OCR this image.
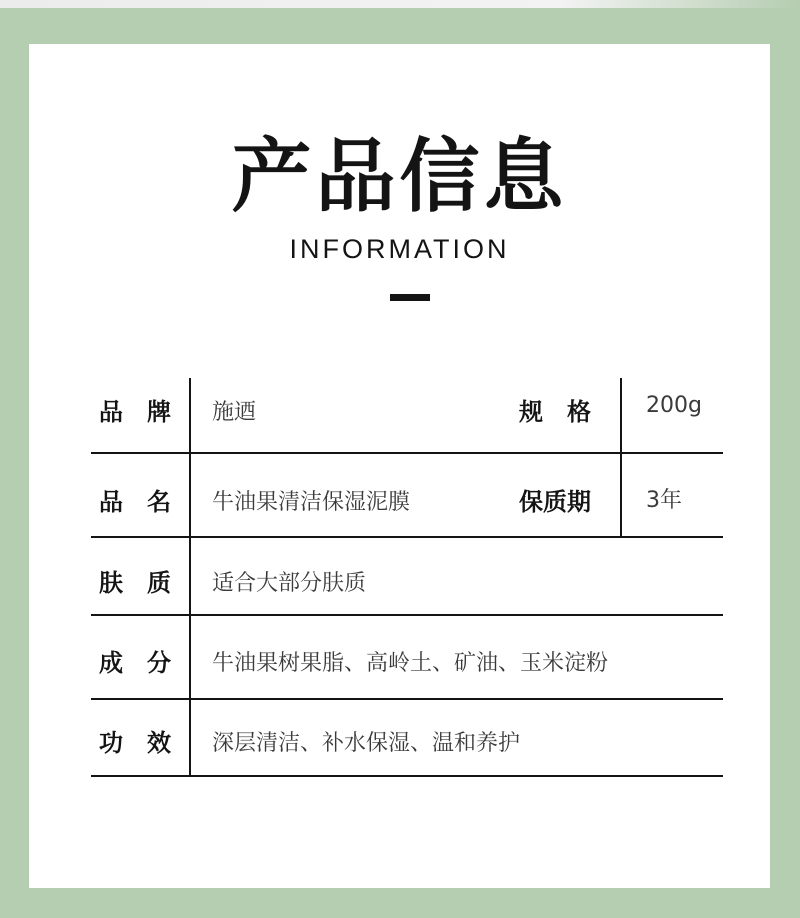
产品信息
INFORMATION
品　牌 施迺	规　格	200g
品　名 牛油果清洁保湿泥膜	保质期	3年
肤　质 适合大部分肤质
成　分 牛油果树果脂、高岭土、矿油、玉米淀粉
功　效 深层清洁、补水保湿、温和养护
